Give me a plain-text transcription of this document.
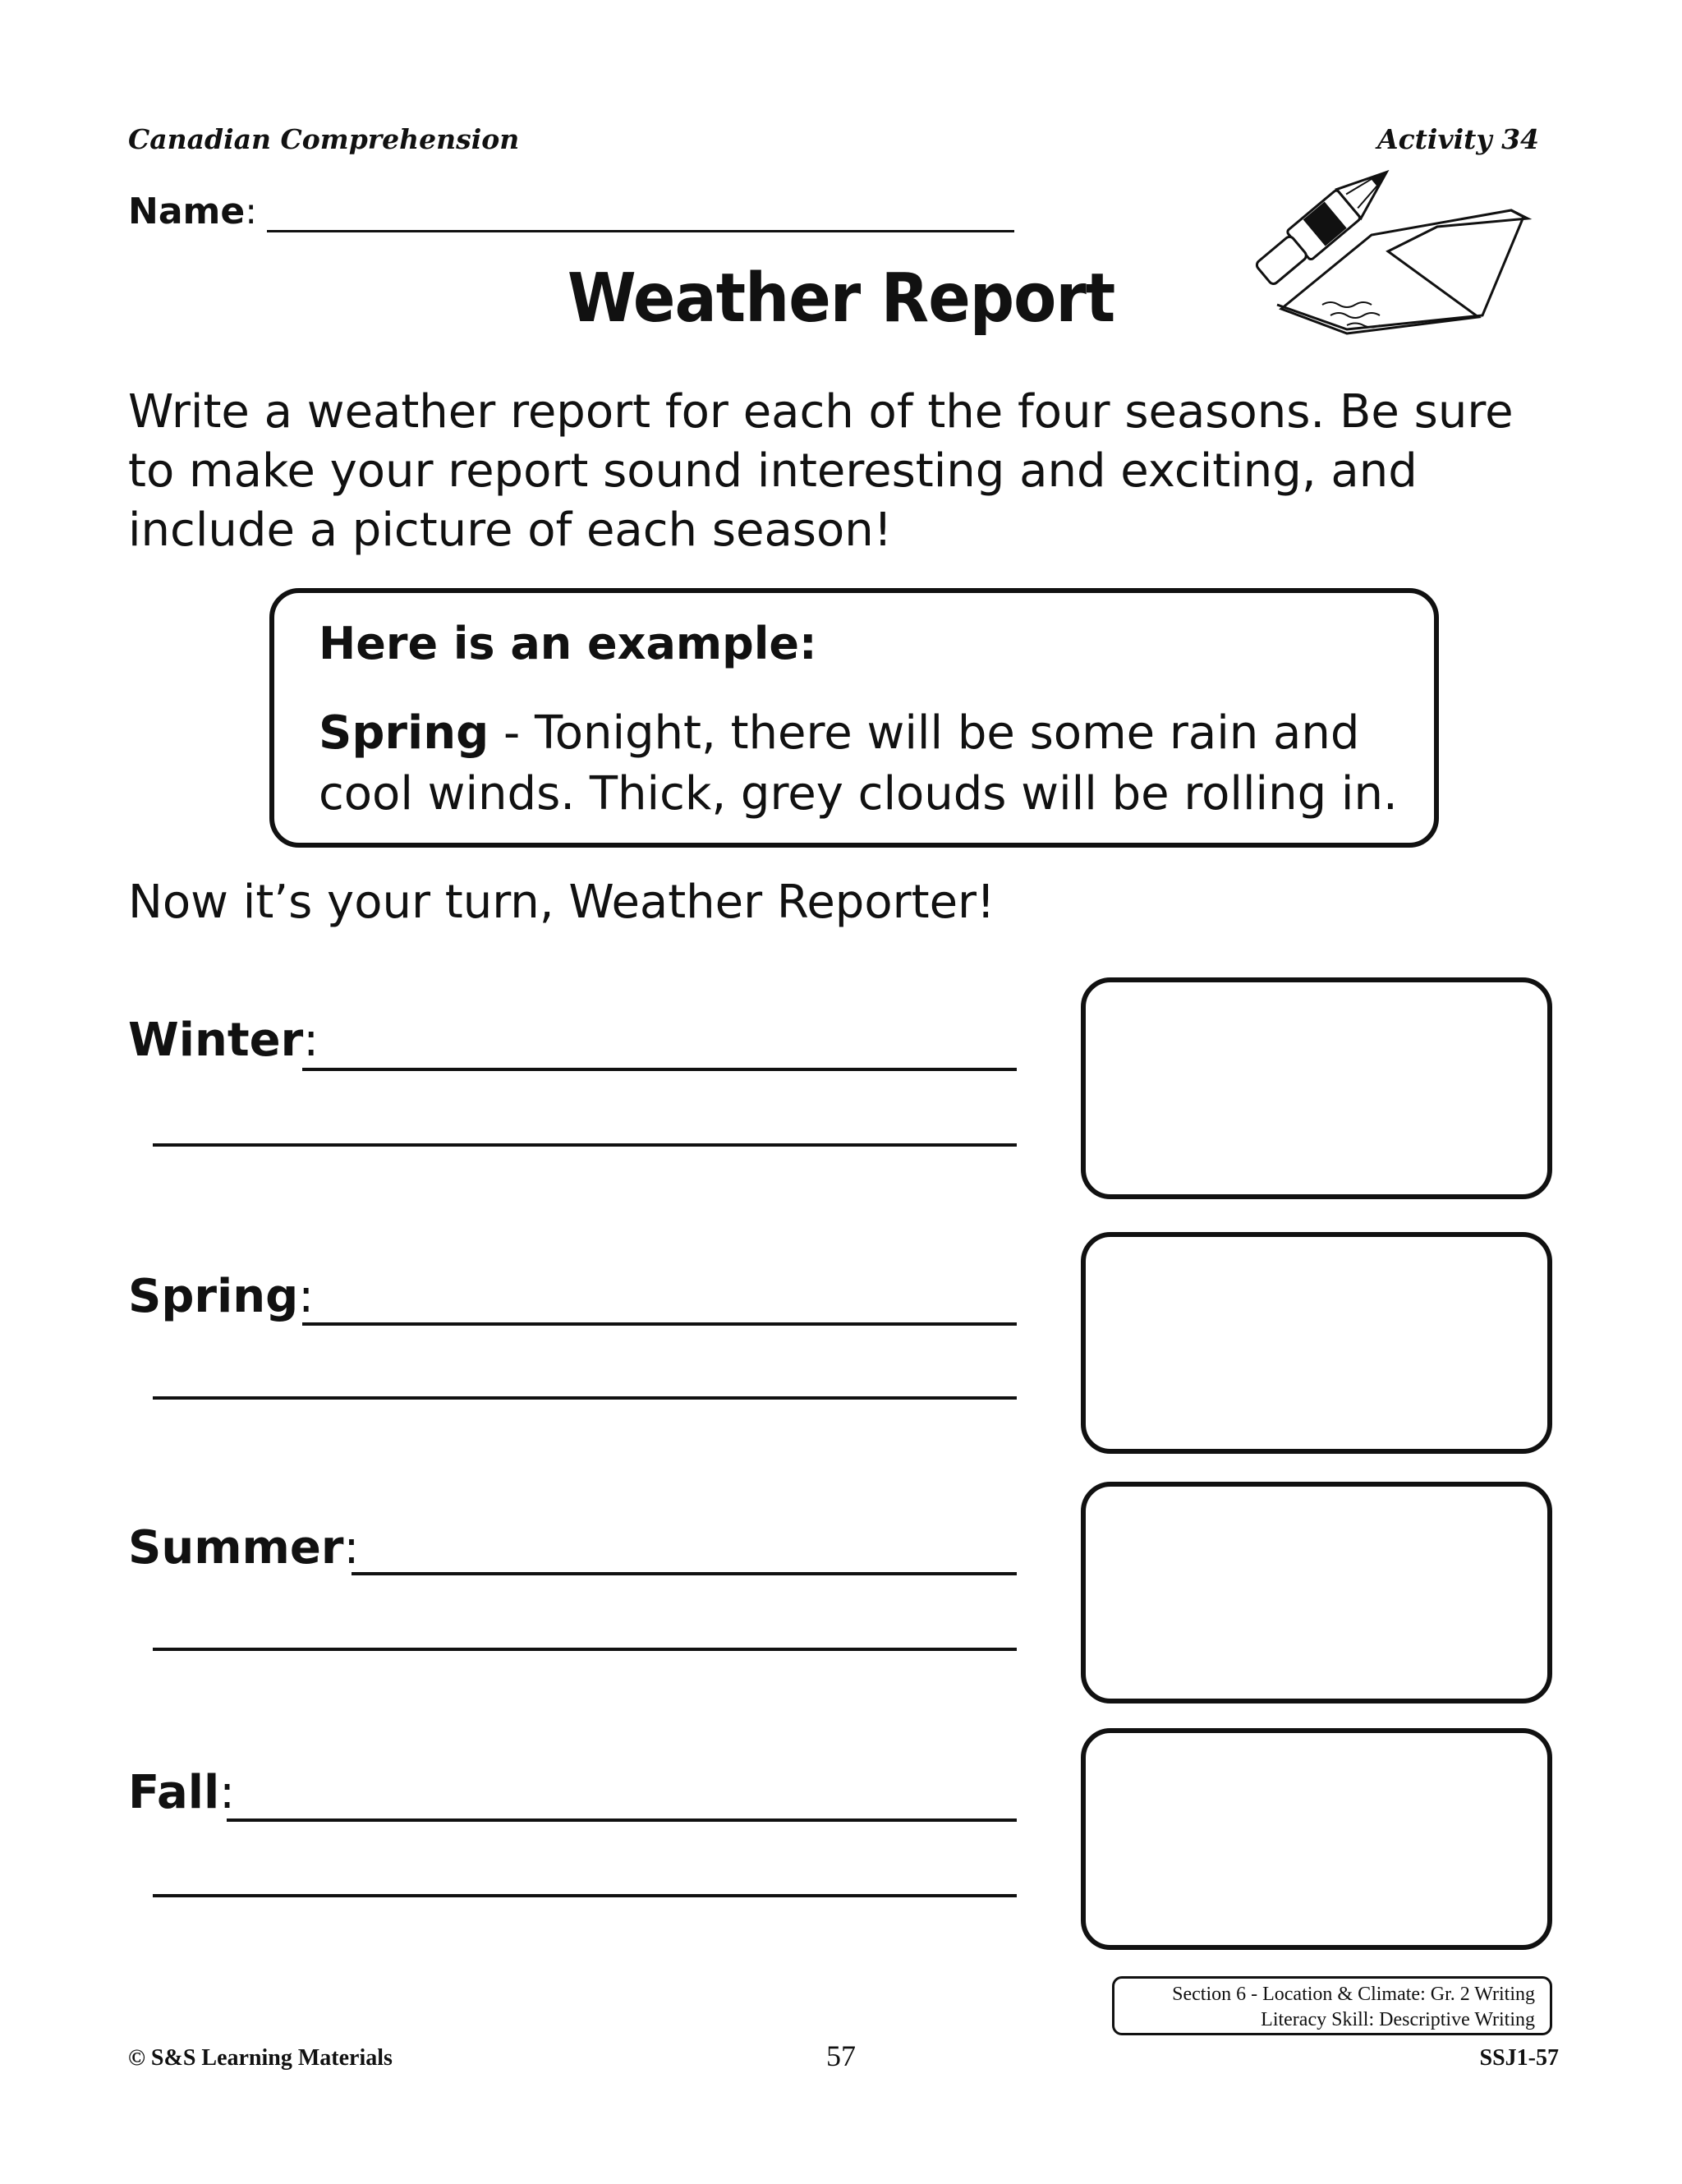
Canadian Comprehension	Activity 34
Name:
Weather Report
Write a weather report for each of the four seasons. Be sure to make your report sound interesting and exciting, and include a picture of each season!
Here is an example:
Spring - Tonight, there will be some rain and cool winds. Thick, grey clouds will be rolling in.
Now it’s your turn, Weather Reporter!
Winter :
Spring :
Summer :
Fall :
Section 6 - Location & Climate: Gr. 2 Writing
Literacy Skill: Descriptive Writing
© S&S Learning Materials	57	SSJ1-57
